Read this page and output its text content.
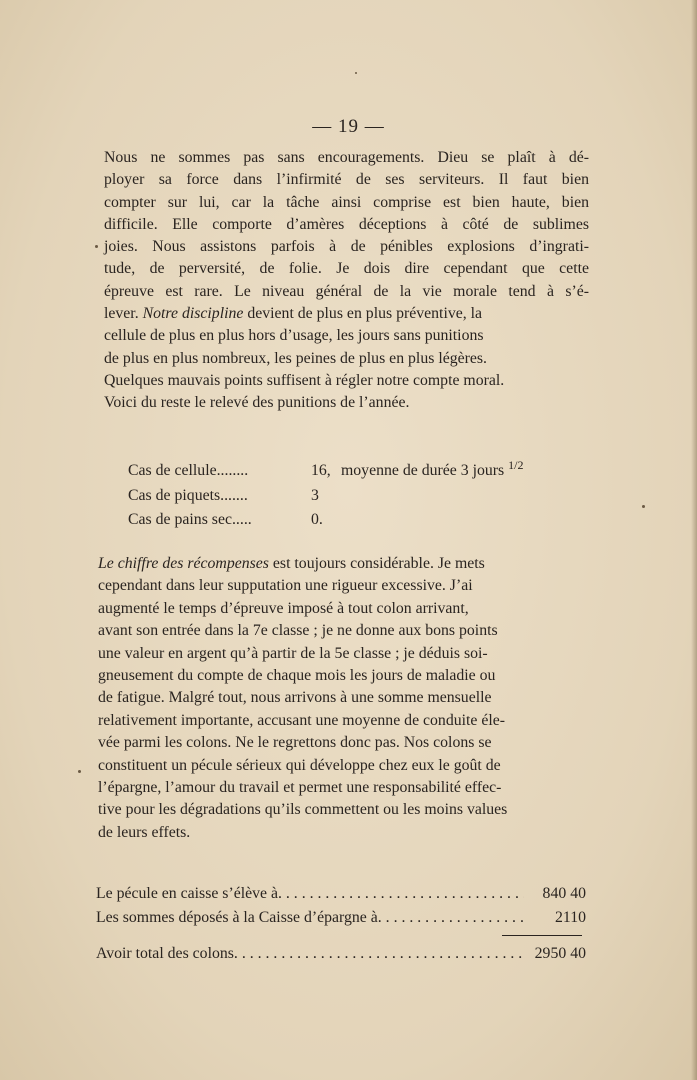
— 19 —
Nous ne sommes pas sans encouragements. Dieu se plaît à dé-
ployer sa force dans l’infirmité de ses serviteurs. Il faut bien
compter sur lui, car la tâche ainsi comprise est bien haute, bien
difficile. Elle comporte d’amères déceptions à côté de sublimes
joies. Nous assistons parfois à de pénibles explosions d’ingrati-
tude, de perversité, de folie. Je dois dire cependant que cette
épreuve est rare. Le niveau général de la vie morale tend à s’é-
lever. Notre discipline devient de plus en plus préventive, la
cellule de plus en plus hors d’usage, les jours sans punitions
de plus en plus nombreux, les peines de plus en plus légères.
Quelques mauvais points suffisent à régler notre compte moral.
Voici du reste le relevé des punitions de l’année.
Cas de cellule........	16, moyenne de durée 3 jours 1/2
Cas de piquets.......	3
Cas de pains sec.....	0.
Le chiffre des récompenses est toujours considérable. Je mets
cependant dans leur supputation une rigueur excessive. J’ai
augmenté le temps d’épreuve imposé à tout colon arrivant,
avant son entrée dans la 7e classe ; je ne donne aux bons points
une valeur en argent qu’à partir de la 5e classe ; je déduis soi-
gneusement du compte de chaque mois les jours de maladie ou
de fatigue. Malgré tout, nous arrivons à une somme mensuelle
relativement importante, accusant une moyenne de conduite éle-
vée parmi les colons. Ne le regrettons donc pas. Nos colons se
constituent un pécule sérieux qui développe chez eux le goût de
l’épargne, l’amour du travail et permet une responsabilité effec-
tive pour les dégradations qu’ils commettent ou les moins values
de leurs effets.
Le pécule en caisse s’élève à . . .	840 40
Les sommes déposés à la Caisse d’épargne à . . .	2110
Avoir total des colons . . .	2950 40
